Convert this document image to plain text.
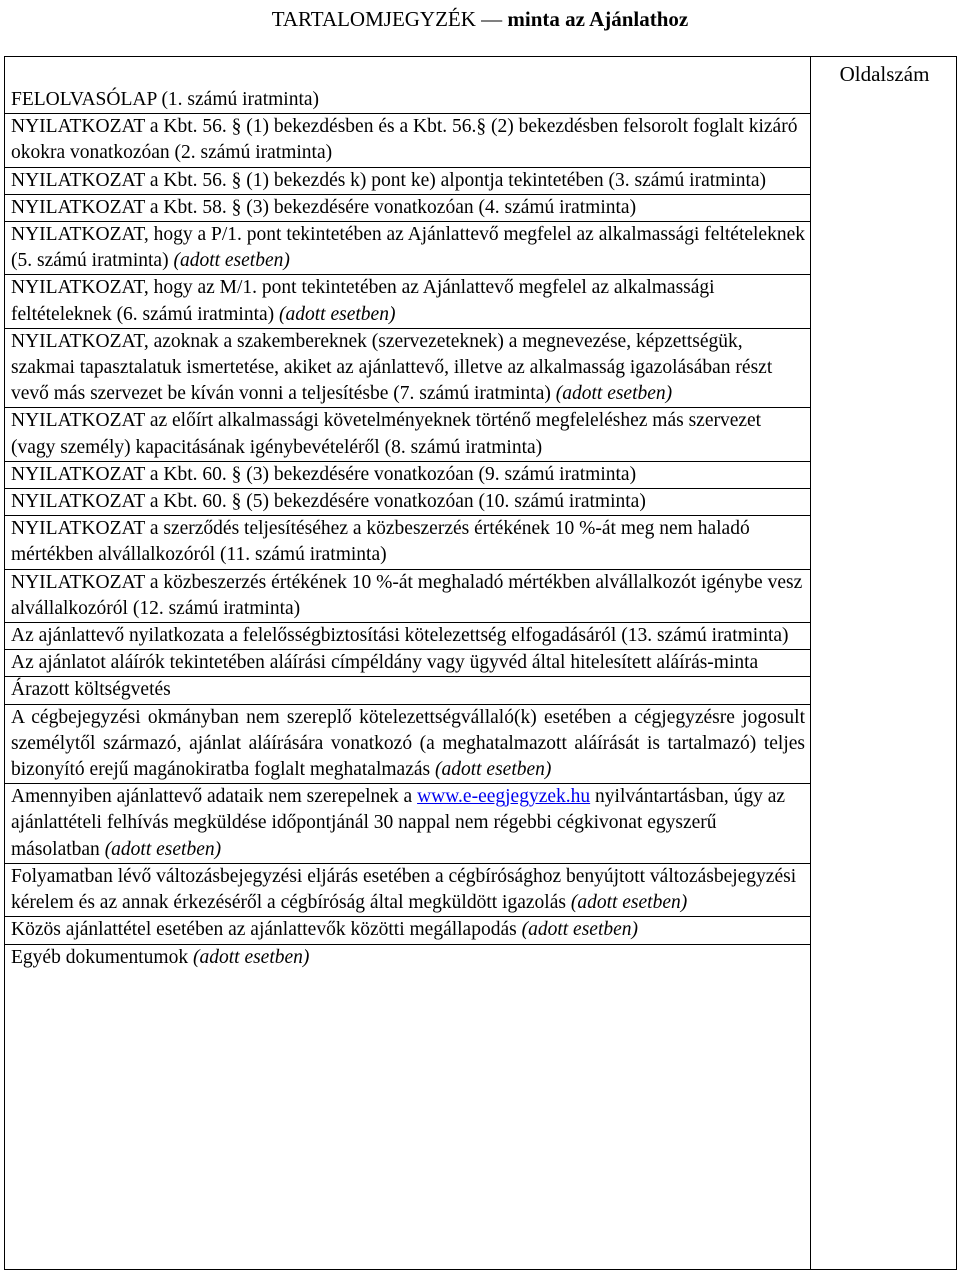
TARTALOMJEGYZÉK — minta az Ajánlathoz
FELOLVASÓLAP (1. számú iratminta)
NYILATKOZAT a Kbt. 56. § (1) bekezdésben és a Kbt. 56.§ (2) bekezdésben felsorolt foglalt kizáró okokra vonatkozóan (2. számú iratminta)
NYILATKOZAT a Kbt. 56. § (1) bekezdés k) pont ke) alpontja tekintetében (3. számú iratminta)
NYILATKOZAT a Kbt. 58. § (3) bekezdésére vonatkozóan (4. számú iratminta)
NYILATKOZAT, hogy a P/1. pont tekintetében az Ajánlattevő megfelel az alkalmassági feltételeknek (5. számú iratminta) (adott esetben)
NYILATKOZAT, hogy az M/1. pont tekintetében az Ajánlattevő megfelel az alkalmassági feltételeknek (6. számú iratminta) (adott esetben)
NYILATKOZAT, azoknak a szakembereknek (szervezeteknek) a megnevezése, képzettségük, szakmai tapasztalatuk ismertetése, akiket az ajánlattevő, illetve az alkalmasság igazolásában részt vevő más szervezet be kíván vonni a teljesítésbe (7. számú iratminta) (adott esetben)
NYILATKOZAT az előírt alkalmassági követelményeknek történő megfeleléshez más szervezet (vagy személy) kapacitásának igénybevételéről (8. számú iratminta)
NYILATKOZAT a Kbt. 60. § (3) bekezdésére vonatkozóan (9. számú iratminta)
NYILATKOZAT a Kbt. 60. § (5) bekezdésére vonatkozóan (10. számú iratminta)
NYILATKOZAT a szerződés teljesítéséhez a közbeszerzés értékének 10 %-át meg nem haladó mértékben alvállalkozóról (11. számú iratminta)
NYILATKOZAT a közbeszerzés értékének 10 %-át meghaladó mértékben alvállalkozót igénybe vesz alvállalkozóról (12. számú iratminta)
Az ajánlattevő nyilatkozata a felelősségbiztosítási kötelezettség elfogadásáról (13. számú iratminta)
Az ajánlatot aláírók tekintetében aláírási címpéldány vagy ügyvéd által hitelesített aláírás-minta
Árazott költségvetés
A cégbejegyzési okmányban nem szereplő kötelezettségvállaló(k) esetében a cégjegyzésre jogosult személytől származó, ajánlat aláírására vonatkozó (a meghatalmazott aláírását is tartalmazó) teljes bizonyító erejű magánokiratba foglalt meghatalmazás (adott esetben)
Amennyiben ajánlattevő adataik nem szerepelnek a www.e-eegjegyzek.hu nyilvántartásban, úgy az ajánlattételi felhívás megküldése időpontjánál 30 nappal nem régebbi cégkivonat egyszerű másolatban (adott esetben)
Folyamatban lévő változásbejegyzési eljárás esetében a cégbírósághoz benyújtott változásbejegyzési kérelem és az annak érkezéséről a cégbíróság által megküldött igazolás (adott esetben)
Közös ajánlattétel esetében az ajánlattevők közötti megállapodás (adott esetben)
Egyéb dokumentumok (adott esetben)
Oldalszám
